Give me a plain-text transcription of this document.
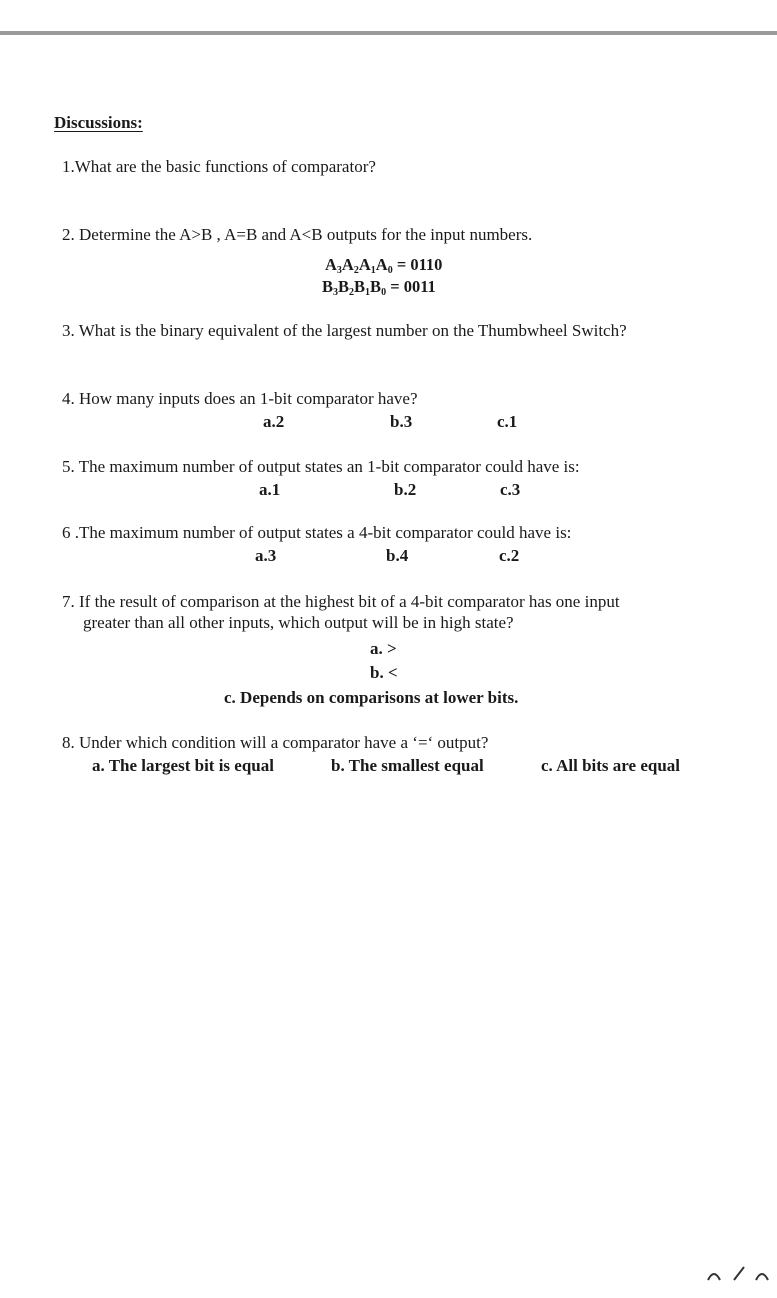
Discussions:
1.What are the basic functions of comparator?
2. Determine the A>B , A=B and A<B outputs for the input numbers.
$A_3A_2A_1A_0 = 0110$
$B_3B_2B_1B_0 = 0011$
3. What is the binary equivalent of the largest number on the Thumbwheel Switch?
4. How many inputs does an 1-bit comparator have?
a.2	b.3	c.1
5. The maximum number of output states an 1-bit comparator could have is:
a.1	b.2	c.3
6 .The maximum number of output states a 4-bit comparator could have is:
a.3	b.4	c.2
7. If the result of comparison at the highest bit of a 4-bit comparator has one input
greater than all other inputs, which output will be in high state?
a. >
b. <
c. Depends on comparisons at lower bits.
8. Under which condition will a comparator have a ‘=‘ output?
a. The largest bit is equal	b. The smallest equal	c. All bits are equal
